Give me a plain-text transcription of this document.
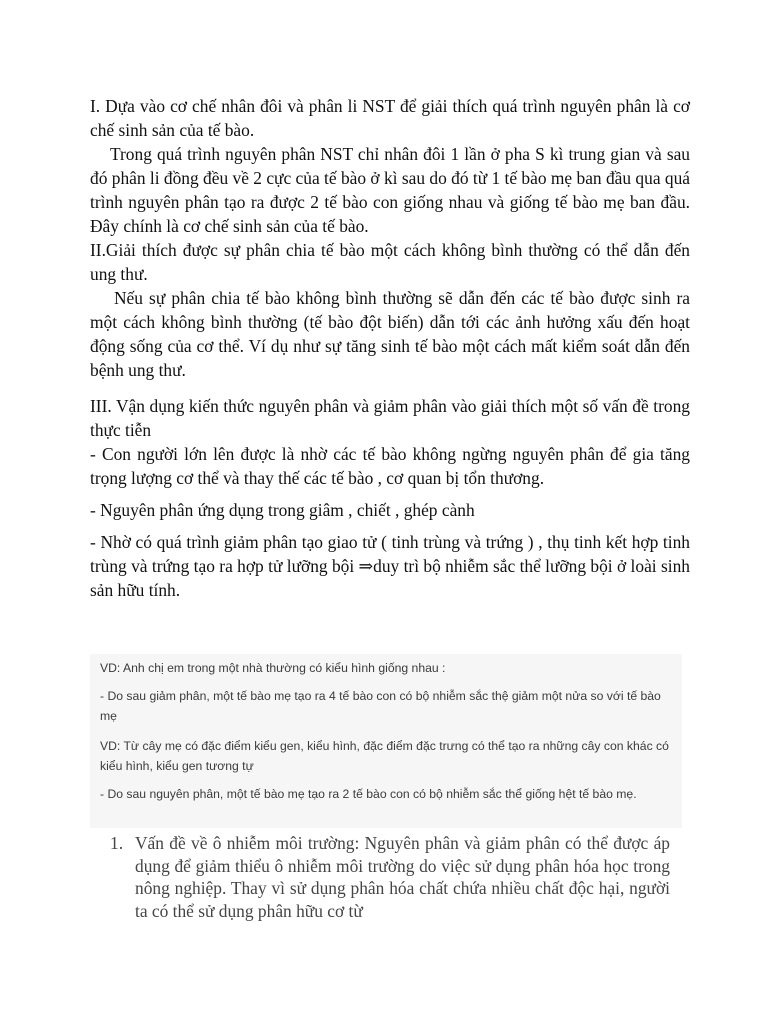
I. Dựa vào cơ chế nhân đôi và phân li NST để giải thích quá trình nguyên phân là cơ chế sinh sản của tế bào.

Trong quá trình nguyên phân NST chỉ nhân đôi 1 lần ở pha S kì trung gian và sau đó phân li đồng đều về 2 cực của tế bào ở kì sau do đó từ 1 tế bào mẹ ban đầu qua quá trình nguyên phân tạo ra được 2 tế bào con giống nhau và giống tế bào mẹ ban đầu. Đây chính là cơ chế sinh sản của tế bào.

II.Giải thích được sự phân chia tế bào một cách không bình thường có thể dẫn đến ung thư.

Nếu sự phân chia tế bào không bình thường sẽ dẫn đến các tế bào được sinh ra một cách không bình thường (tế bào đột biến) dẫn tới các ảnh hưởng xấu đến hoạt động sống của cơ thể. Ví dụ như sự tăng sinh tế bào một cách mất kiểm soát dẫn đến bệnh ung thư.

III. Vận dụng kiến thức nguyên phân và giảm phân vào giải thích một số vấn đề trong thực tiễn

- Con người lớn lên được là nhờ các tế bào không ngừng nguyên phân để gia tăng trọng lượng cơ thể và thay thế các tế bào , cơ quan bị tổn thương.

- Nguyên phân ứng dụng trong giâm , chiết , ghép cành

- Nhờ có quá trình giảm phân tạo giao tử ( tinh trùng và trứng ) , thụ tinh kết hợp tinh trùng và trứng tạo ra hợp tử lưỡng bội ⇒duy trì bộ nhiễm sắc thể lưỡng bội ở loài sinh sản hữu tính.

VD: Anh chị em trong một nhà thường có kiểu hình giống nhau :

- Do sau giảm phân, một tế bào mẹ tạo ra 4 tế bào con có bộ nhiễm sắc thệ giảm một nửa so với tế bào mẹ

VD: Từ cây mẹ có đặc điểm kiểu gen, kiểu hình, đặc điểm đặc trưng có thể tạo ra những cây con khác có kiểu hình, kiểu gen tương tự

- Do sau nguyên phân, một tế bào mẹ tạo ra 2 tế bào con có bộ nhiễm sắc thể giống hệt tế bào mẹ.

1. Vấn đề về ô nhiễm môi trường: Nguyên phân và giảm phân có thể được áp dụng để giảm thiểu ô nhiễm môi trường do việc sử dụng phân hóa học trong nông nghiệp. Thay vì sử dụng phân hóa chất chứa nhiều chất độc hại, người ta có thể sử dụng phân hữu cơ từ
